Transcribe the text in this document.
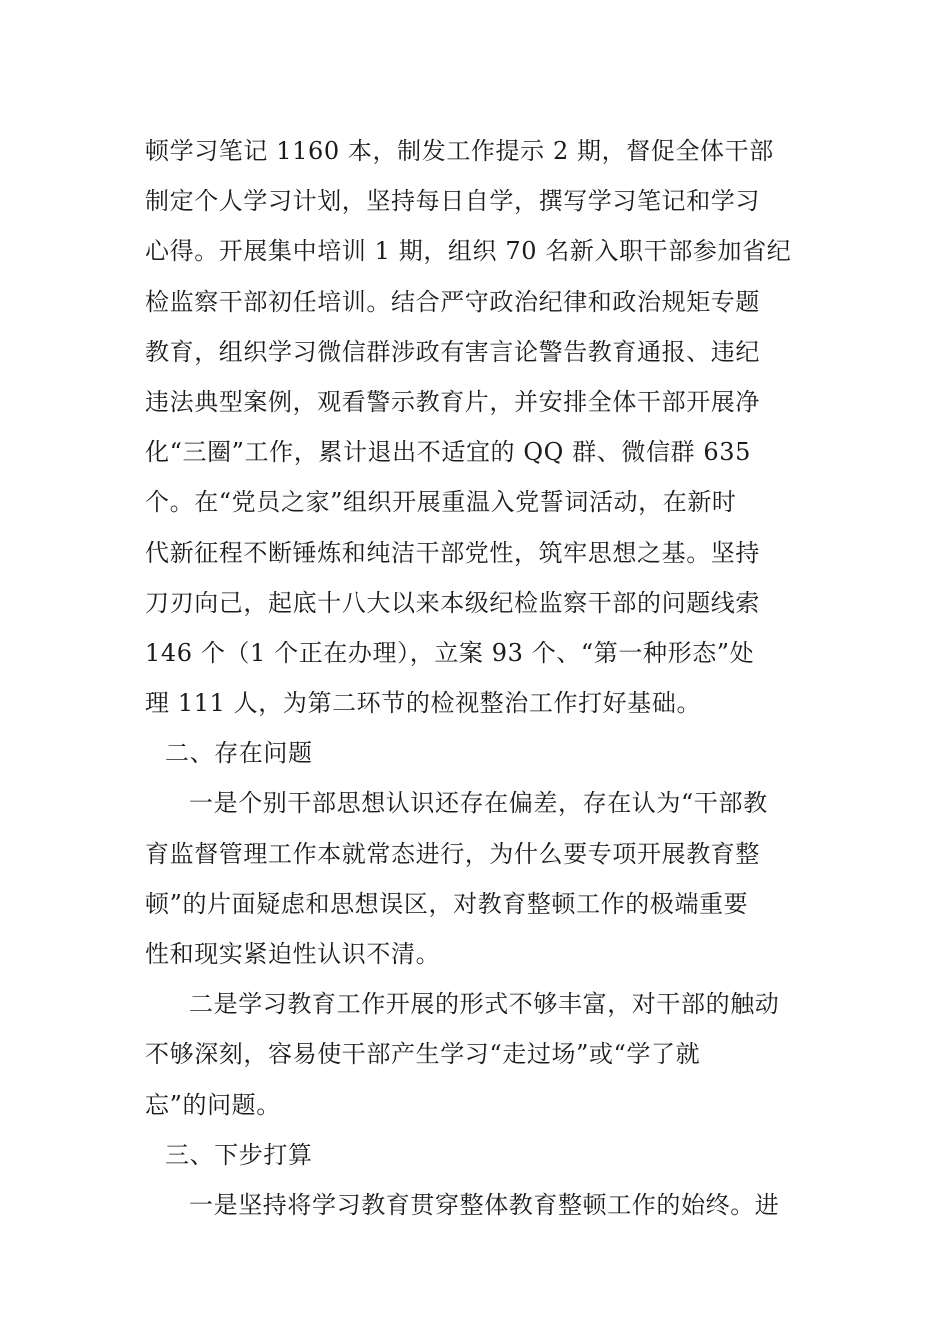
顿学习笔记 1160 本，制发工作提示 2 期，督促全体干部
制定个人学习计划，坚持每日自学，撰写学习笔记和学习
心得。开展集中培训 1 期，组织 70 名新入职干部参加省纪
检监察干部初任培训。结合严守政治纪律和政治规矩专题
教育，组织学习微信群涉政有害言论警告教育通报、违纪
违法典型案例，观看警示教育片，并安排全体干部开展净
化“三圈”工作，累计退出不适宜的 QQ 群、微信群 635
个。在“党员之家”组织开展重温入党誓词活动，在新时
代新征程不断锤炼和纯洁干部党性，筑牢思想之基。坚持
刀刃向己，起底十八大以来本级纪检监察干部的问题线索
146 个（1 个正在办理），立案 93 个、“第一种形态”处
理 111 人，为第二环节的检视整治工作打好基础。
二、存在问题
一是个别干部思想认识还存在偏差，存在认为“干部教
育监督管理工作本就常态进行，为什么要专项开展教育整
顿”的片面疑虑和思想误区，对教育整顿工作的极端重要
性和现实紧迫性认识不清。
二是学习教育工作开展的形式不够丰富，对干部的触动
不够深刻，容易使干部产生学习“走过场”或“学了就
忘”的问题。
三、下步打算
一是坚持将学习教育贯穿整体教育整顿工作的始终。进
